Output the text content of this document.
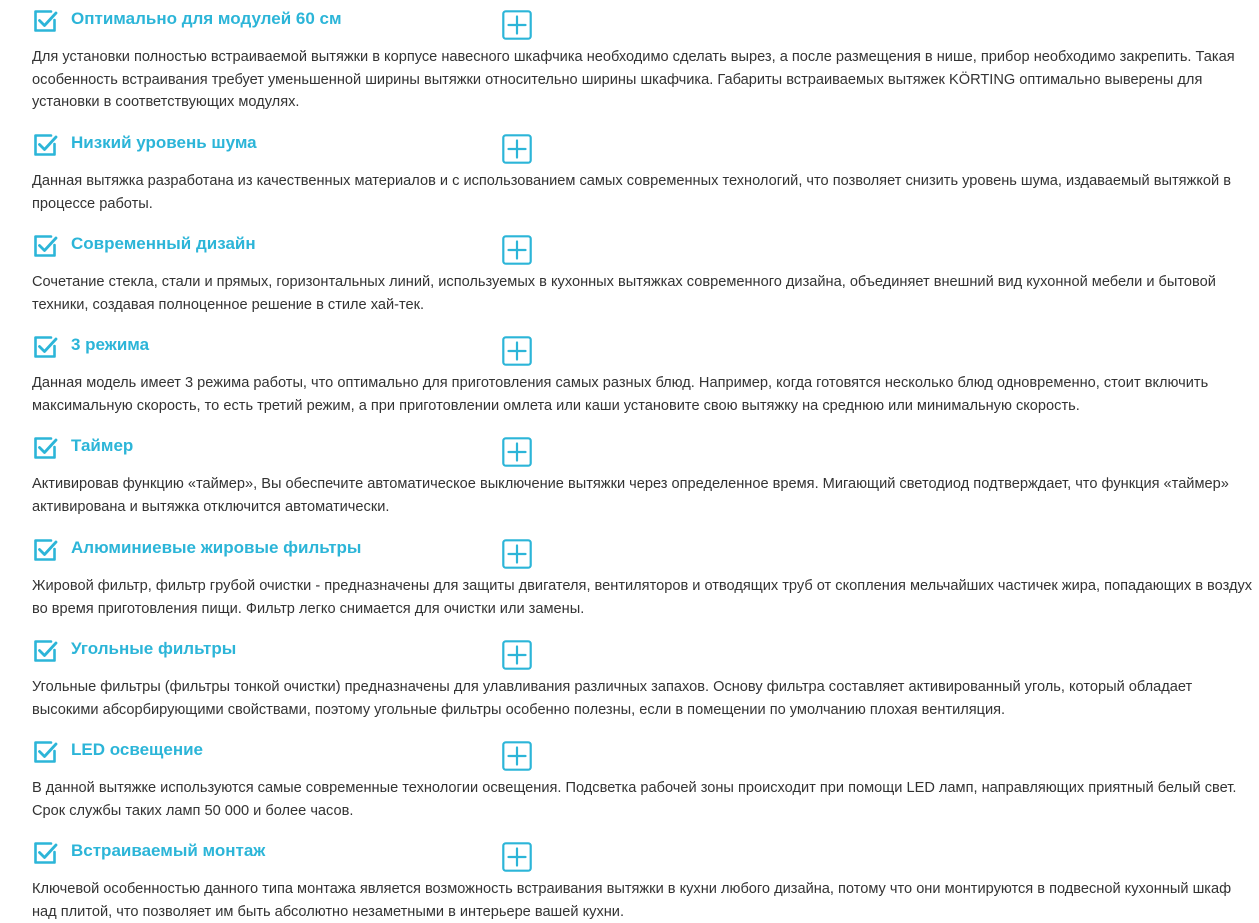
Оптимально для модулей 60 см

Для установки полностью встраиваемой вытяжки в корпусе навесного шкафчика необходимо сделать вырез, а после размещения в нише, прибор необходимо закрепить. Такая особенность встраивания требует уменьшенной ширины вытяжки относительно ширины шкафчика. Габариты встраиваемых вытяжек KÖRTING оптимально выверены для установки в соответствующих модулях.

Низкий уровень шума

Данная вытяжка разработана из качественных материалов и с использованием самых современных технологий, что позволяет снизить уровень шума, издаваемый вытяжкой в процессе работы.

Современный дизайн

Сочетание стекла, стали и прямых, горизонтальных линий, используемых в кухонных вытяжках современного дизайна, объединяет внешний вид кухонной мебели и бытовой техники, создавая полноценное решение в стиле хай-тек.

3 режима

Данная модель имеет 3 режима работы, что оптимально для приготовления самых разных блюд. Например, когда готовятся несколько блюд одновременно, стоит включить максимальную скорость, то есть третий режим, а при приготовлении омлета или каши установите свою вытяжку на среднюю или минимальную скорость.

Таймер

Активировав функцию «таймер», Вы обеспечите автоматическое выключение вытяжки через определенное время. Мигающий светодиод подтверждает, что функция «таймер» активирована и вытяжка отключится автоматически.

Алюминиевые жировые фильтры

Жировой фильтр, фильтр грубой очистки - предназначены для защиты двигателя, вентиляторов и отводящих труб от скопления мельчайших частичек жира, попадающих в воздух во время приготовления пищи. Фильтр легко снимается для очистки или замены.

Угольные фильтры

Угольные фильтры (фильтры тонкой очистки) предназначены для улавливания различных запахов. Основу фильтра составляет активированный уголь, который обладает высокими абсорбирующими свойствами, поэтому угольные фильтры особенно полезны, если в помещении по умолчанию плохая вентиляция.

LED освещение

В данной вытяжке используются самые современные технологии освещения. Подсветка рабочей зоны происходит при помощи LED ламп, направляющих приятный белый свет. Срок службы таких ламп 50 000 и более часов.

Встраиваемый монтаж

Ключевой особенностью данного типа монтажа является возможность встраивания вытяжки в кухни любого дизайна, потому что они монтируются в подвесной кухонный шкаф над плитой, что позволяет им быть абсолютно незаметными в интерьере вашей кухни.
